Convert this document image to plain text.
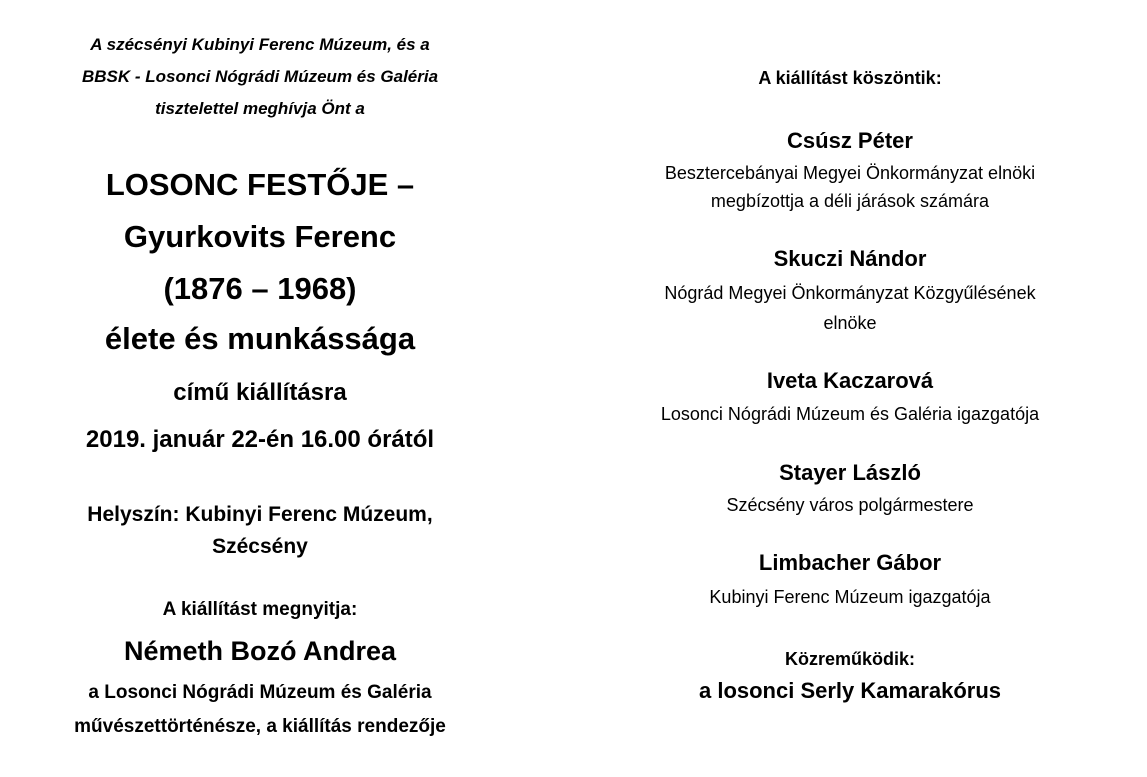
A szécsényi Kubinyi Ferenc Múzeum, és a
BBSK - Losonci Nógrádi Múzeum és Galéria
tisztelettel meghívja Önt a
LOSONC FESTŐJE –
Gyurkovits Ferenc
(1876 – 1968)
élete és munkássága
című kiállításra
2019. január 22-én 16.00 órától
Helyszín: Kubinyi Ferenc Múzeum,
Szécsény
A kiállítást megnyitja:
Németh Bozó Andrea
a Losonci Nógrádi Múzeum és Galéria
művészettörténésze, a kiállítás rendezője
A kiállítást köszöntik:
Csúsz Péter
Besztercebányai Megyei Önkormányzat elnöki
megbízottja a déli járások számára
Skuczi Nándor
Nógrád Megyei Önkormányzat Közgyűlésének
elnöke
Iveta Kaczarová
Losonci Nógrádi Múzeum és Galéria igazgatója
Stayer László
Szécsény város polgármestere
Limbacher Gábor
Kubinyi Ferenc Múzeum igazgatója
Közreműködik:
a losonci Serly Kamarakórus
